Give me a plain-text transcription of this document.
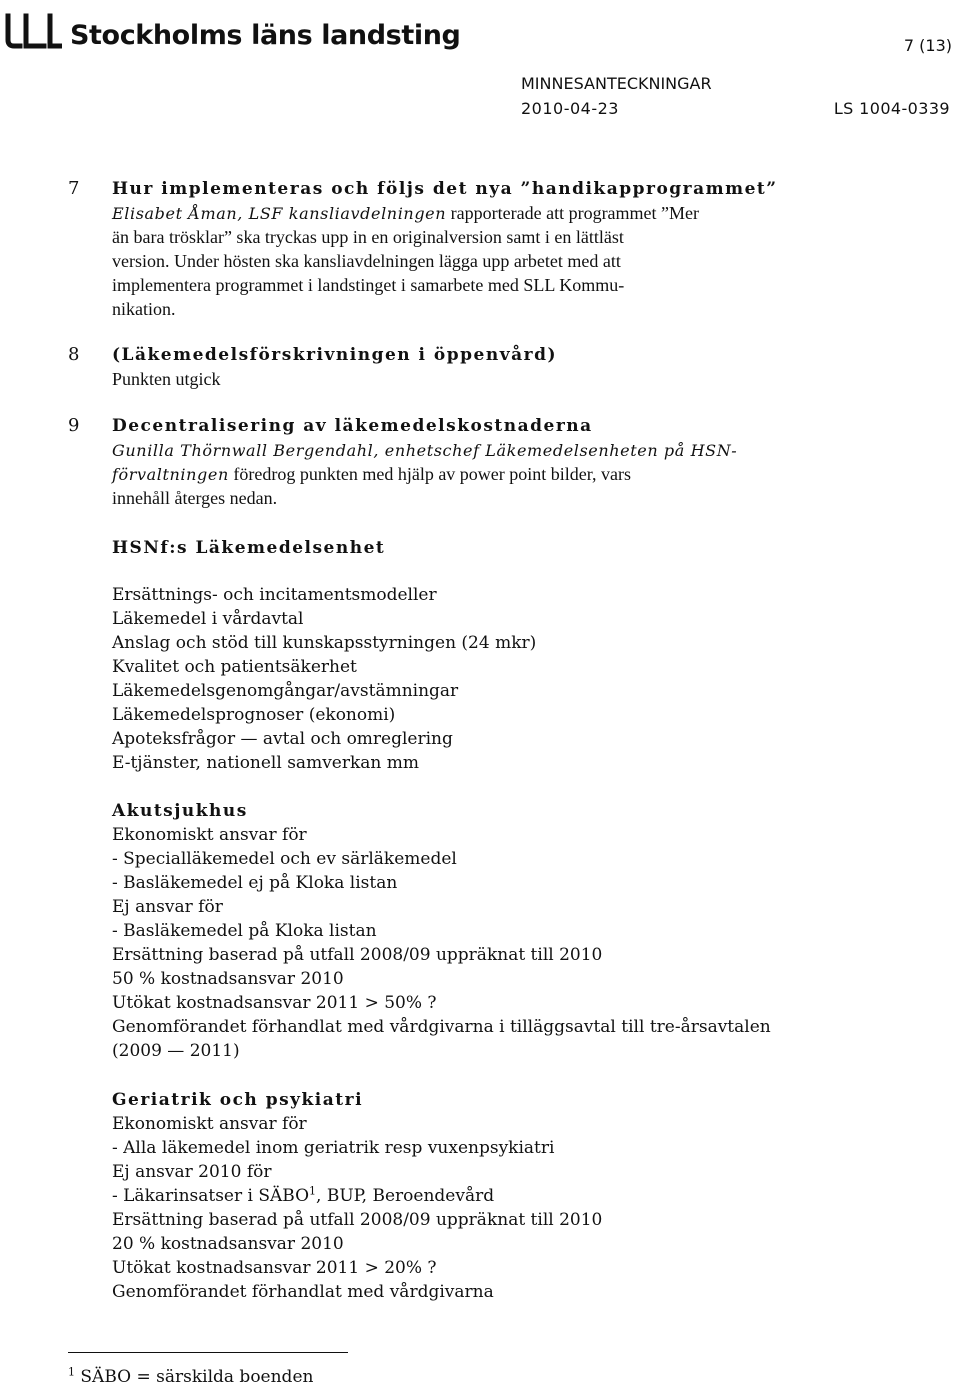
Stockholms läns landsting	7 (13)
MINNESANTECKNINGAR
2010-04-23	LS 1004-0339
7 Hur implementeras och följs det nya ”handikapprogrammet”
Elisabet Åman, LSF kansliavdelningen rapporterade att programmet ”Mer
än bara trösklar” ska tryckas upp in en originalversion samt i en lättläst
version. Under hösten ska kansliavdelningen lägga upp arbetet med att
implementera programmet i landstinget i samarbete med SLL Kommu-
nikation.
8 (Läkemedelsförskrivningen i öppenvård)
Punkten utgick
9 Decentralisering av läkemedelskostnaderna
Gunilla Thörnwall Bergendahl, enhetschef Läkemedelsenheten på HSN-
förvaltningen föredrog punkten med hjälp av power point bilder, vars
innehåll återges nedan.
HSNf:s Läkemedelsenhet
Ersättnings- och incitamentsmodeller
Läkemedel i vårdavtal
Anslag och stöd till kunskapsstyrningen (24 mkr)
Kvalitet och patientsäkerhet
Läkemedelsgenomgångar/avstämningar
Läkemedelsprognoser (ekonomi)
Apoteksfrågor — avtal och omreglering
E-tjänster, nationell samverkan mm
Akutsjukhus
Ekonomiskt ansvar för
- Specialläkemedel och ev särläkemedel
- Basläkemedel ej på Kloka listan
Ej ansvar för
- Basläkemedel på Kloka listan
Ersättning baserad på utfall 2008/09 uppräknat till 2010
50 % kostnadsansvar 2010
Utökat kostnadsansvar 2011 > 50% ?
Genomförandet förhandlat med vårdgivarna i tilläggsavtal till tre-årsavtalen
(2009 — 2011)
Geriatrik och psykiatri
Ekonomiskt ansvar för
- Alla läkemedel inom geriatrik resp vuxenpsykiatri
Ej ansvar 2010 för
- Läkarinsatser i SÄBO$^1$, BUP, Beroendevård
Ersättning baserad på utfall 2008/09 uppräknat till 2010
20 % kostnadsansvar 2010
Utökat kostnadsansvar 2011 > 20% ?
Genomförandet förhandlat med vårdgivarna
$^1$ SÄBO = särskilda boenden
